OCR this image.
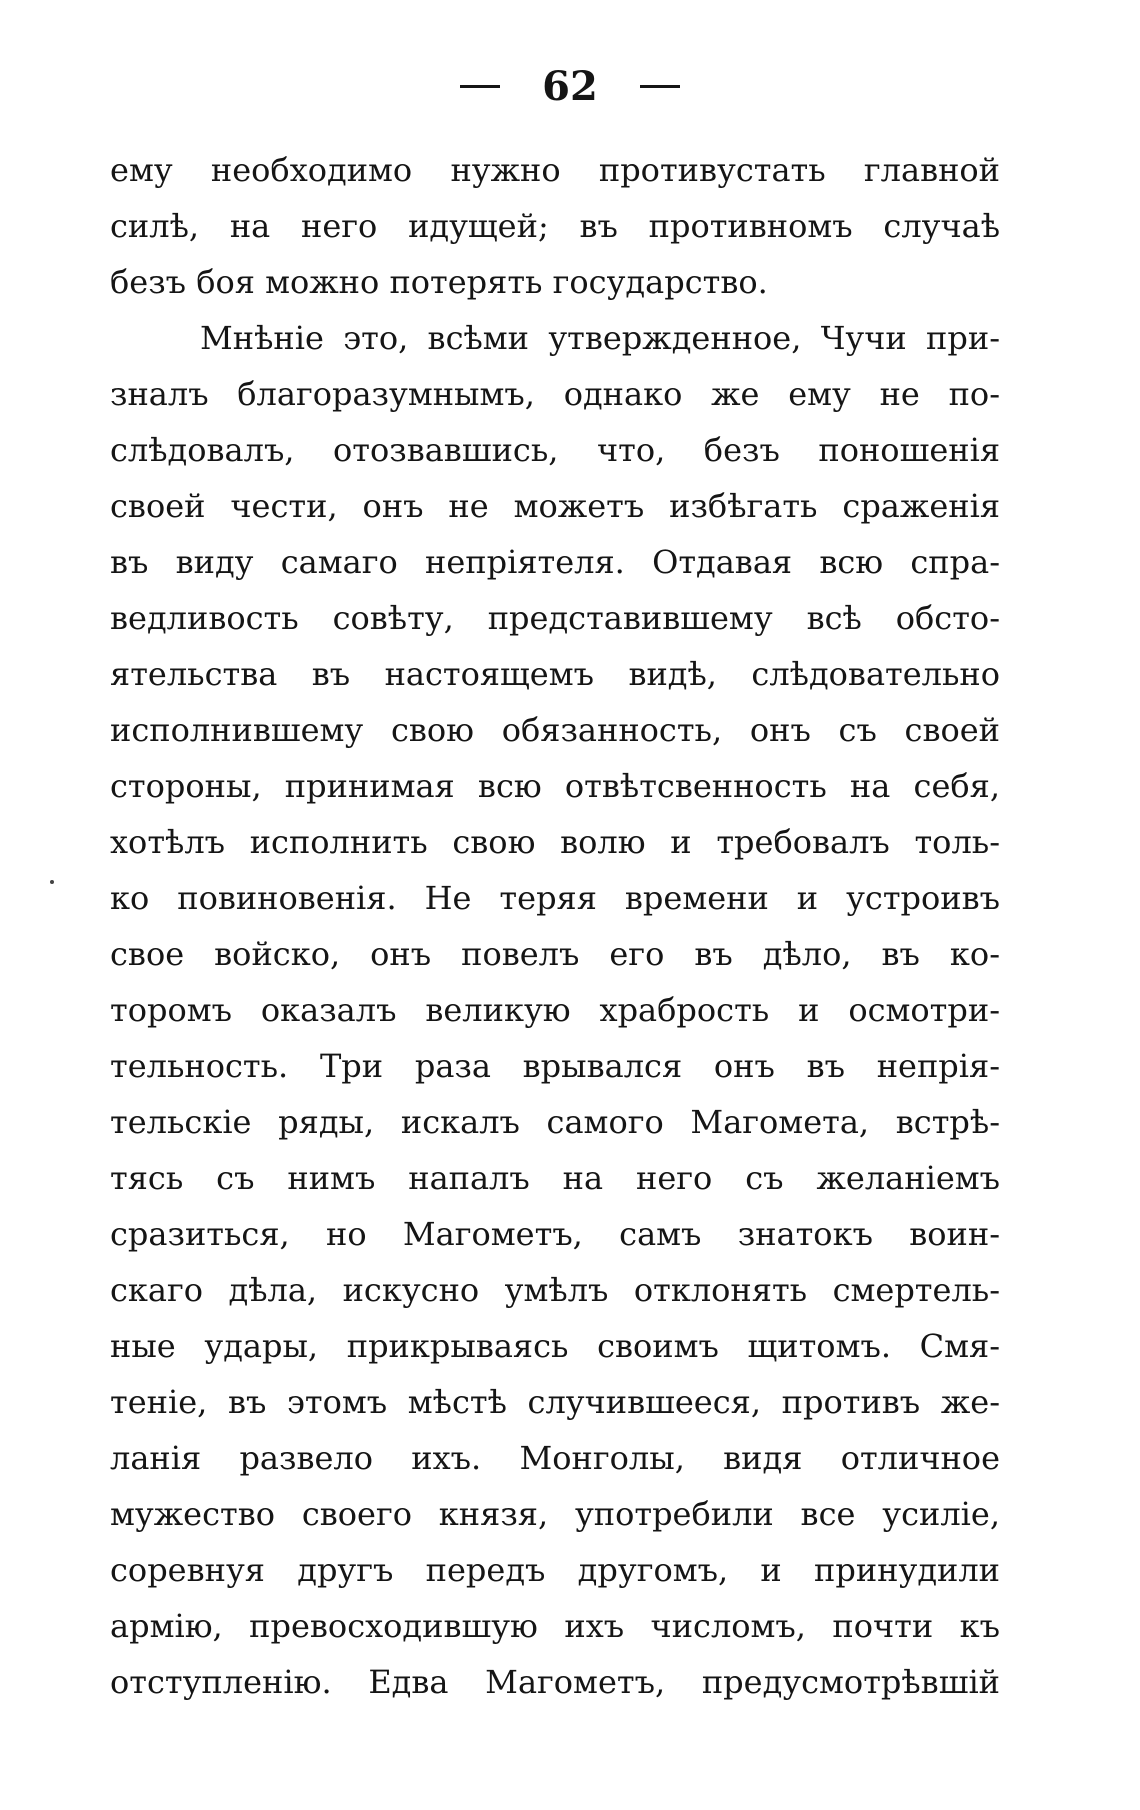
62
ему необходимо нужно противустать главной
силѣ, на него идущей; въ противномъ случаѣ
безъ боя можно потерять государство.
Мнѣніе это, всѣми утвержденное, Чучи при-
зналъ благоразумнымъ, однако же ему не по-
слѣдовалъ, отозвавшись, что, безъ поношенія
своей чести, онъ не можетъ избѣгать сраженія
въ виду самаго непріятеля. Отдавая всю спра-
ведливость совѣту, представившему всѣ обсто-
ятельства въ настоящемъ видѣ, слѣдовательно
исполнившему свою обязанность, онъ съ своей
стороны, принимая всю отвѣтсвенность на себя,
хотѣлъ исполнить свою волю и требовалъ толь-
ко повиновенія. Не теряя времени и устроивъ
свое войско, онъ повелъ его въ дѣло, въ ко-
торомъ оказалъ великую храбрость и осмотри-
тельность. Три раза врывался онъ въ непрія-
тельскіе ряды, искалъ самого Магомета, встрѣ-
тясь съ нимъ напалъ на него съ желаніемъ
сразиться, но Магометъ, самъ знатокъ воин-
скаго дѣла, искусно умѣлъ отклонять смертель-
ные удары, прикрываясь своимъ щитомъ. Смя-
теніе, въ этомъ мѣстѣ случившееся, противъ же-
ланія развело ихъ. Монголы, видя отличное
мужество своего князя, употребили все усиліе,
соревнуя другъ передъ другомъ, и принудили
армію, превосходившую ихъ числомъ, почти къ
отступленію. Едва Магометъ, предусмотрѣвшій
